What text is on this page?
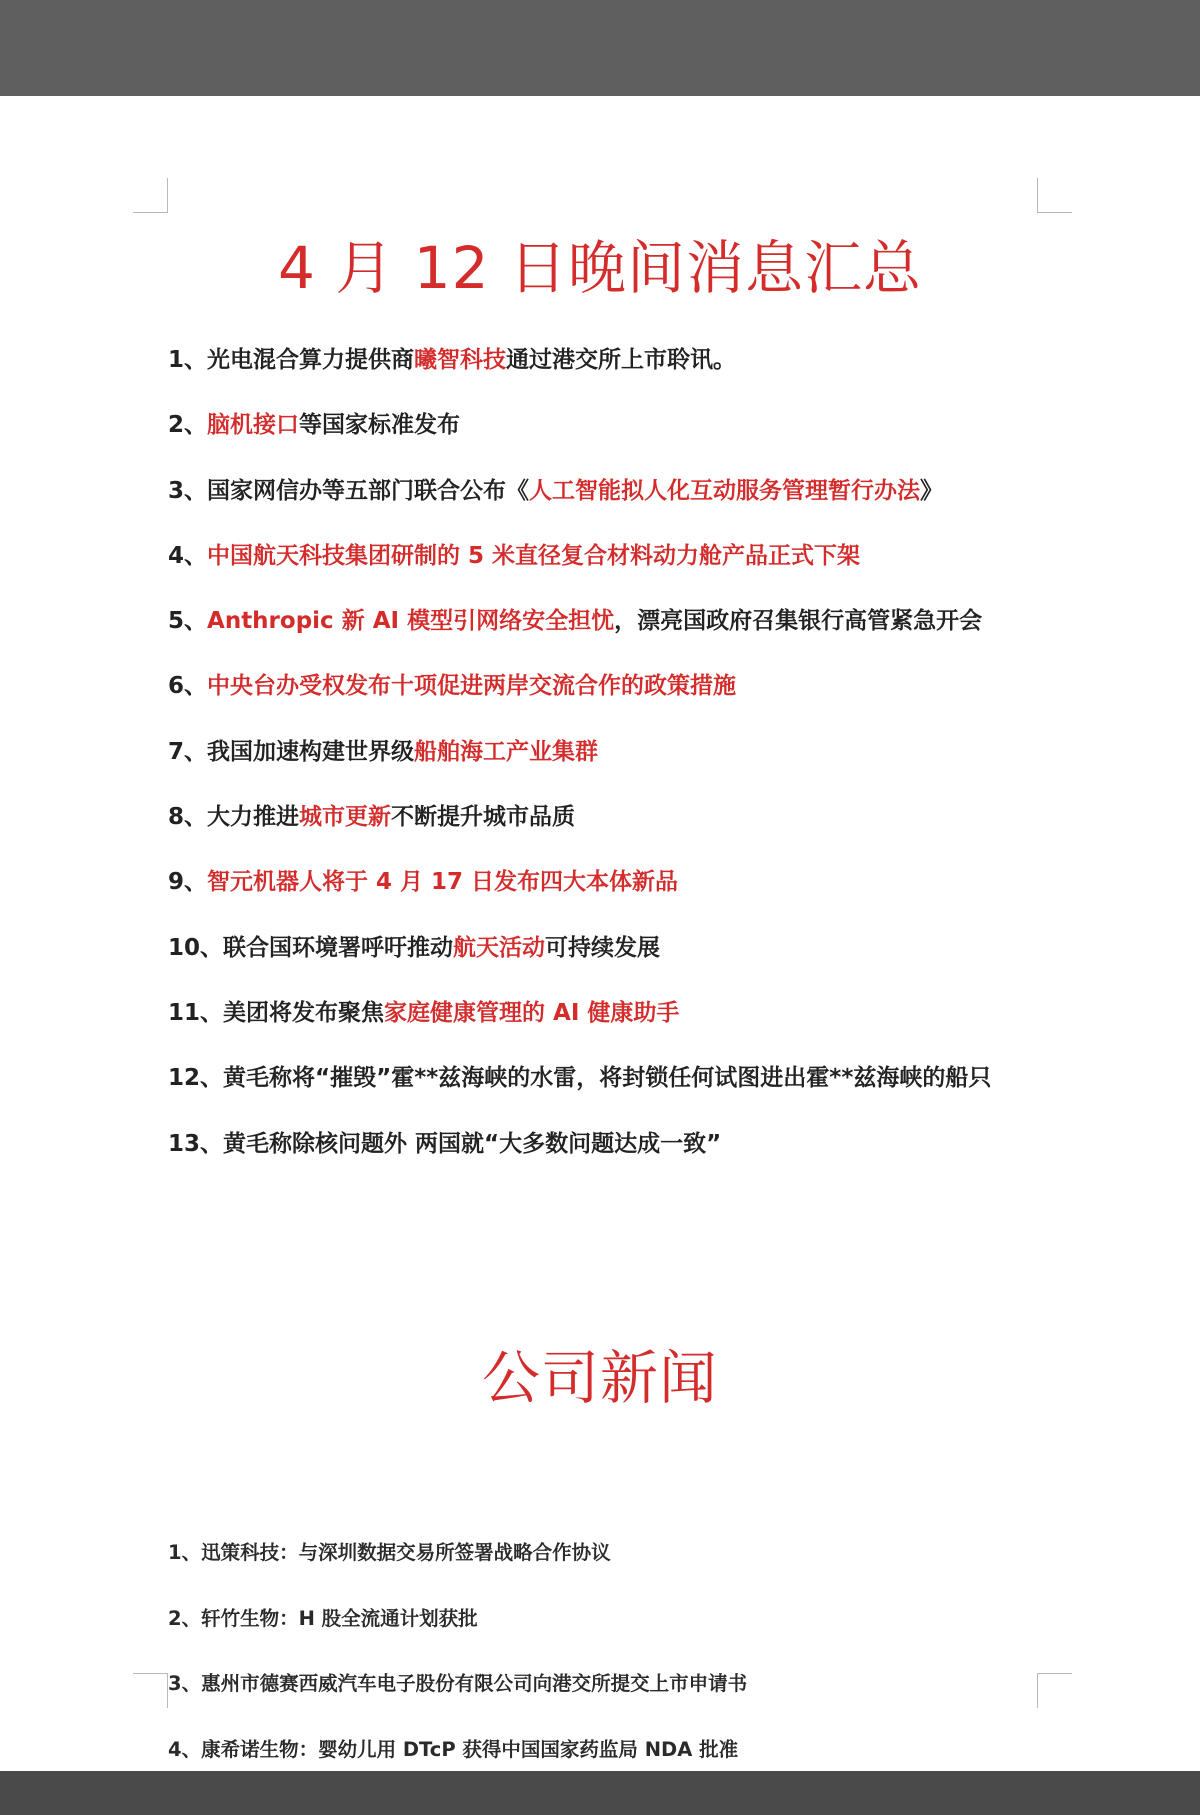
4 月 12 日晚间消息汇总
1、光电混合算力提供商曦智科技通过港交所上市聆讯。
2、脑机接口等国家标准发布
3、国家网信办等五部门联合公布《人工智能拟人化互动服务管理暂行办法》
4、中国航天科技集团研制的 5 米直径复合材料动力舱产品正式下架
5、Anthropic 新 AI 模型引网络安全担忧，漂亮国政府召集银行高管紧急开会
6、中央台办受权发布十项促进两岸交流合作的政策措施
7、我国加速构建世界级船舶海工产业集群
8、大力推进城市更新不断提升城市品质
9、智元机器人将于 4 月 17 日发布四大本体新品
10、联合国环境署呼吁推动航天活动可持续发展
11、美团将发布聚焦家庭健康管理的 AI 健康助手
12、黄毛称将“摧毁”霍**兹海峡的水雷，将封锁任何试图进出霍**兹海峡的船只
13、黄毛称除核问题外 两国就“大多数问题达成一致”
公司新闻
1、迅策科技：与深圳数据交易所签署战略合作协议
2、轩竹生物：H 股全流通计划获批
3、惠州市德赛西威汽车电子股份有限公司向港交所提交上市申请书
4、康希诺生物：婴幼儿用 DTcP 获得中国国家药监局 NDA 批准
